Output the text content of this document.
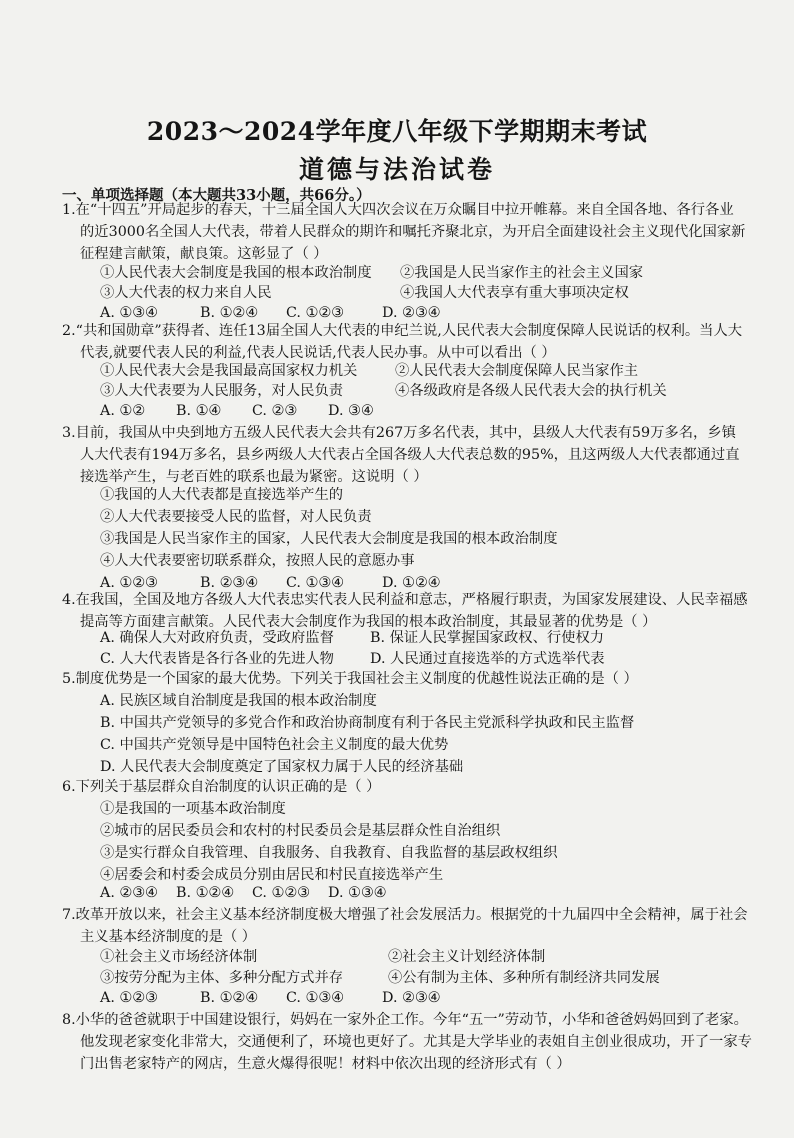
2023～2024学年度八年级下学期期末考试
道德与法治试卷
一、单项选择题（本大题共33小题，共66分。）
1.在“十四五”开局起步的春天，十三届全国人大四次会议在万众瞩目中拉开帷幕。来自全国各地、各行各业
的近3000名全国人大代表，带着人民群众的期许和嘱托齐聚北京，为开启全面建设社会主义现代化国家新
征程建言献策，献良策。这彰显了（ ）
①人民代表大会制度是我国的根本政治制度 ②我国是人民当家作主的社会主义国家
③人大代表的权力来自人民	④我国人大代表享有重大事项决定权
A. ①③④	B. ①②④ C. ①②③	D. ②③④
2.“共和国勋章”获得者、连任13届全国人大代表的申纪兰说,人民代表大会制度保障人民说话的权利。当人大
代表,就要代表人民的利益,代表人民说话,代表人民办事。从中可以看出（ ）
①人民代表大会是我国最高国家权力机关	②人民代表大会制度保障人民当家作主
③人大代表要为人民服务，对人民负责	④各级政府是各级人民代表大会的执行机关
A. ①② B. ①④ C. ②③ D. ③④
3.目前，我国从中央到地方五级人民代表大会共有267万多名代表，其中，县级人大代表有59万多名，乡镇
人大代表有194万多名，县乡两级人大代表占全国各级人大代表总数的95%，且这两级人大代表都通过直
接选举产生，与老百姓的联系也最为紧密。这说明（ ）
①我国的人大代表都是直接选举产生的
②人大代表要接受人民的监督，对人民负责
③我国是人民当家作主的国家，人民代表大会制度是我国的根本政治制度
④人大代表要密切联系群众，按照人民的意愿办事
A. ①②③	B. ②③④ C. ①③④	D. ①②④
4.在我国，全国及地方各级人大代表忠实代表人民利益和意志，严格履行职责，为国家发展建设、人民幸福感
提高等方面建言献策。人民代表大会制度作为我国的根本政治制度，其最显著的优势是（ ）
A. 确保人大对政府负责，受政府监督	B. 保证人民掌握国家政权、行使权力
C. 人大代表皆是各行各业的先进人物	D. 人民通过直接选举的方式选举代表
5.制度优势是一个国家的最大优势。下列关于我国社会主义制度的优越性说法正确的是（ ）
A. 民族区域自治制度是我国的根本政治制度
B. 中国共产党领导的多党合作和政治协商制度有利于各民主党派科学执政和民主监督
C. 中国共产党领导是中国特色社会主义制度的最大优势
D. 人民代表大会制度奠定了国家权力属于人民的经济基础
6.下列关于基层群众自治制度的认识正确的是（ ）
①是我国的一项基本政治制度
②城市的居民委员会和农村的村民委员会是基层群众性自治组织
③是实行群众自我管理、自我服务、自我教育、自我监督的基层政权组织
④居委会和村委会成员分别由居民和村民直接选举产生
A. ②③④ B. ①②④ C. ①②③ D. ①③④
7.改革开放以来，社会主义基本经济制度极大增强了社会发展活力。根据党的十九届四中全会精神，属于社会
主义基本经济制度的是（ ）
①社会主义市场经济体制	②社会主义计划经济体制
③按劳分配为主体、多种分配方式并存	④公有制为主体、多种所有制经济共同发展
A. ①②③	B. ①②④ C. ①③④	D. ②③④
8.小华的爸爸就职于中国建设银行，妈妈在一家外企工作。今年“五一”劳动节，小华和爸爸妈妈回到了老家。
他发现老家变化非常大，交通便利了，环境也更好了。尤其是大学毕业的表姐自主创业很成功，开了一家专
门出售老家特产的网店，生意火爆得很呢！材料中依次出现的经济形式有（ ）
